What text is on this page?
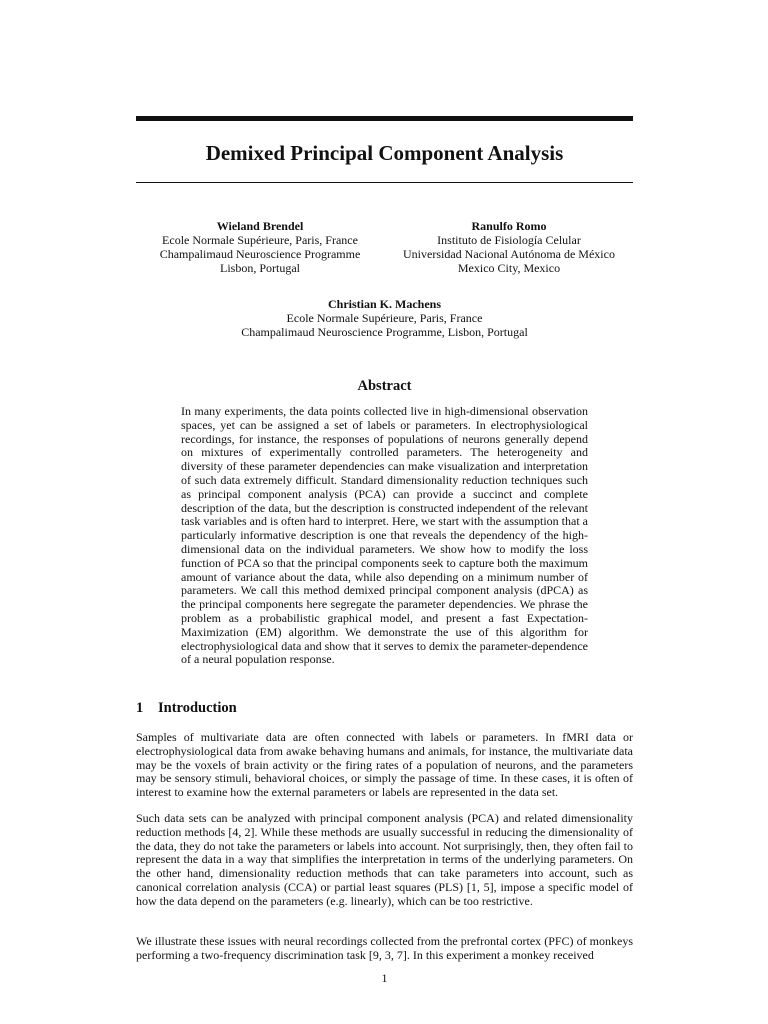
Demixed Principal Component Analysis
Wieland Brendel
Ecole Normale Supérieure, Paris, France
Champalimaud Neuroscience Programme
Lisbon, Portugal
Ranulfo Romo
Instituto de Fisiología Celular
Universidad Nacional Autónoma de México
Mexico City, Mexico
Christian K. Machens
Ecole Normale Supérieure, Paris, France
Champalimaud Neuroscience Programme, Lisbon, Portugal
Abstract

In many experiments, the data points collected live in high-dimensional observation spaces, yet can be assigned a set of labels or parameters. In electrophysiological recordings, for instance, the responses of populations of neurons generally depend on mixtures of experimentally controlled parameters. The heterogeneity and diversity of these parameter dependencies can make visualization and interpretation of such data extremely difficult. Standard dimensionality reduction techniques such as principal component analysis (PCA) can provide a succinct and complete description of the data, but the description is constructed independent of the relevant task variables and is often hard to interpret. Here, we start with the assumption that a particularly informative description is one that reveals the dependency of the high-dimensional data on the individual parameters. We show how to modify the loss function of PCA so that the principal components seek to capture both the maximum amount of variance about the data, while also depending on a minimum number of parameters. We call this method demixed principal component analysis (dPCA) as the principal components here segregate the parameter dependencies. We phrase the problem as a probabilistic graphical model, and present a fast Expectation-Maximization (EM) algorithm. We demonstrate the use of this algorithm for electrophysiological data and show that it serves to demix the parameter-dependence of a neural population response.

1 Introduction

Samples of multivariate data are often connected with labels or parameters. In fMRI data or electrophysiological data from awake behaving humans and animals, for instance, the multivariate data may be the voxels of brain activity or the firing rates of a population of neurons, and the parameters may be sensory stimuli, behavioral choices, or simply the passage of time. In these cases, it is often of interest to examine how the external parameters or labels are represented in the data set.

Such data sets can be analyzed with principal component analysis (PCA) and related dimensionality reduction methods [4, 2]. While these methods are usually successful in reducing the dimensionality of the data, they do not take the parameters or labels into account. Not surprisingly, then, they often fail to represent the data in a way that simplifies the interpretation in terms of the underlying parameters. On the other hand, dimensionality reduction methods that can take parameters into account, such as canonical correlation analysis (CCA) or partial least squares (PLS) [1, 5], impose a specific model of how the data depend on the parameters (e.g. linearly), which can be too restrictive.

We illustrate these issues with neural recordings collected from the prefrontal cortex (PFC) of monkeys performing a two-frequency discrimination task [9, 3, 7]. In this experiment a monkey received

1
